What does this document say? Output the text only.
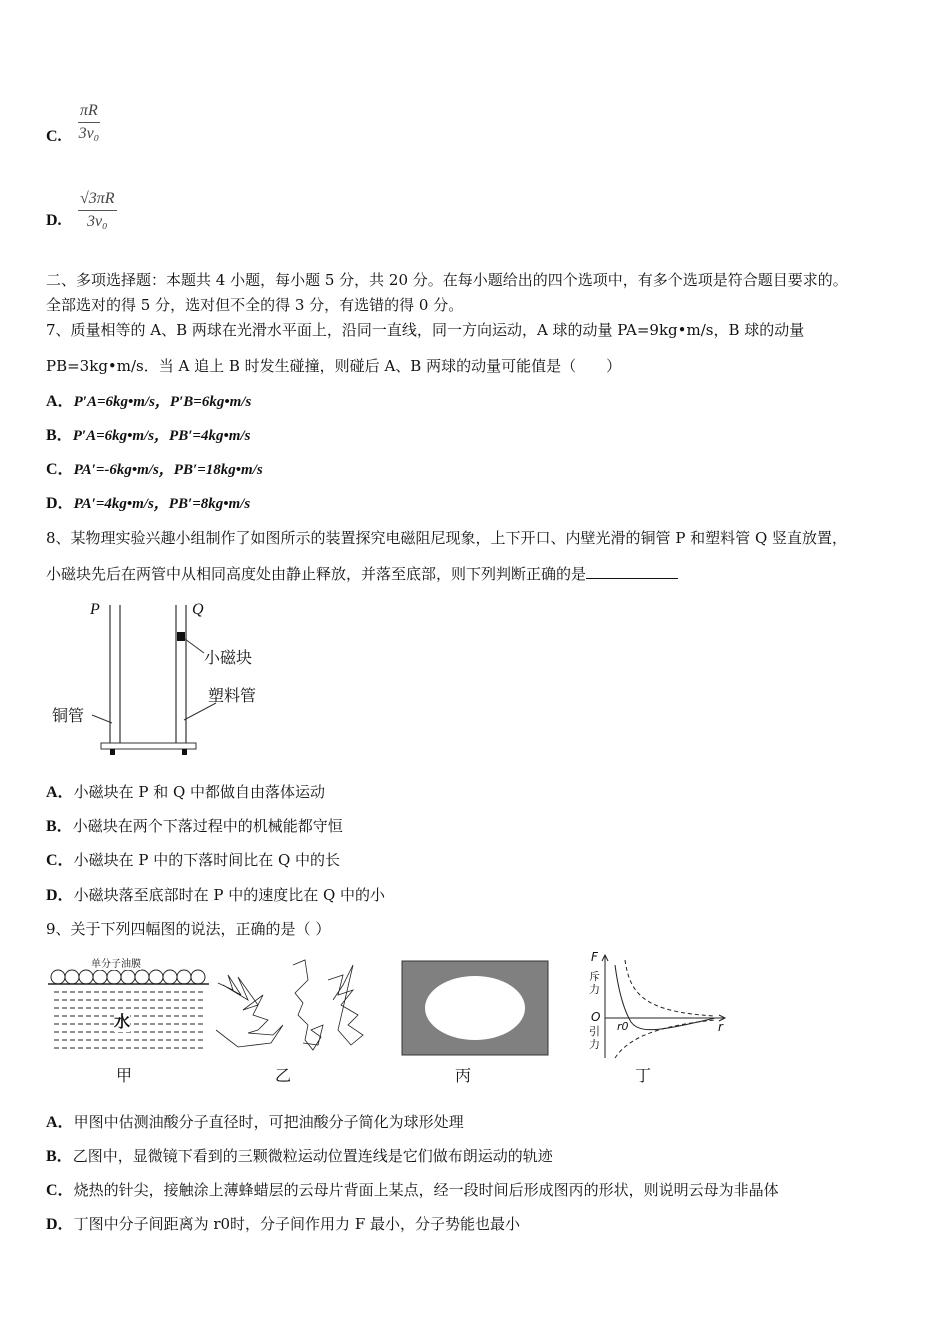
C. $\frac{\pi R}{\text{3v₀}}$
D. $\frac{√3\pi R}{\text{3v₀}}$
二、多项选择题：本题共 4 小题，每小题 5 分，共 20 分。在每小题给出的四个选项中，有多个选项是符合题目要求的。
全部选对的得 5 分，选对但不全的得 3 分，有选错的得 0 分。
7、质量相等的 A、B 两球在光滑水平面上，沿同一直线，同一方向运动，A 球的动量 PA=9kg•m/s，B 球的动量
PB=3kg•m/s．当 A 追上 B 时发生碰撞，则碰后 A、B 两球的动量可能值是（　　）
A．P′A=6kg•m/s，P′B=6kg•m/s
B．P′A=6kg•m/s，PB′=4kg•m/s
C．PA′=-6kg•m/s，PB′=18kg•m/s
D．PA′=4kg•m/s，PB′=8kg•m/s
8、某物理实验兴趣小组制作了如图所示的装置探究电磁阻尼现象，上下开口、内壁光滑的铜管 P 和塑料管 Q 竖直放置，
小磁块先后在两管中从相同高度处由静止释放，并落至底部，则下列判断正确的是
P	Q
小磁块
塑料管
铜管
A．小磁块在 P 和 Q 中都做自由落体运动
B．小磁块在两个下落过程中的机械能都守恒
C．小磁块在 P 中的下落时间比在 Q 中的长
D．小磁块落至底部时在 P 中的速度比在 Q 中的小
9、关于下列四幅图的说法，正确的是（ ）
单分子油膜
水
甲	乙	丙
F
斥力
O
引力
r0	r
丁
A．甲图中估测油酸分子直径时，可把油酸分子简化为球形处理
B．乙图中，显微镜下看到的三颗微粒运动位置连线是它们做布朗运动的轨迹
C．烧热的针尖，接触涂上薄蜂蜡层的云母片背面上某点，经一段时间后形成图丙的形状，则说明云母为非晶体
D．丁图中分子间距离为 r0时，分子间作用力 F 最小，分子势能也最小
